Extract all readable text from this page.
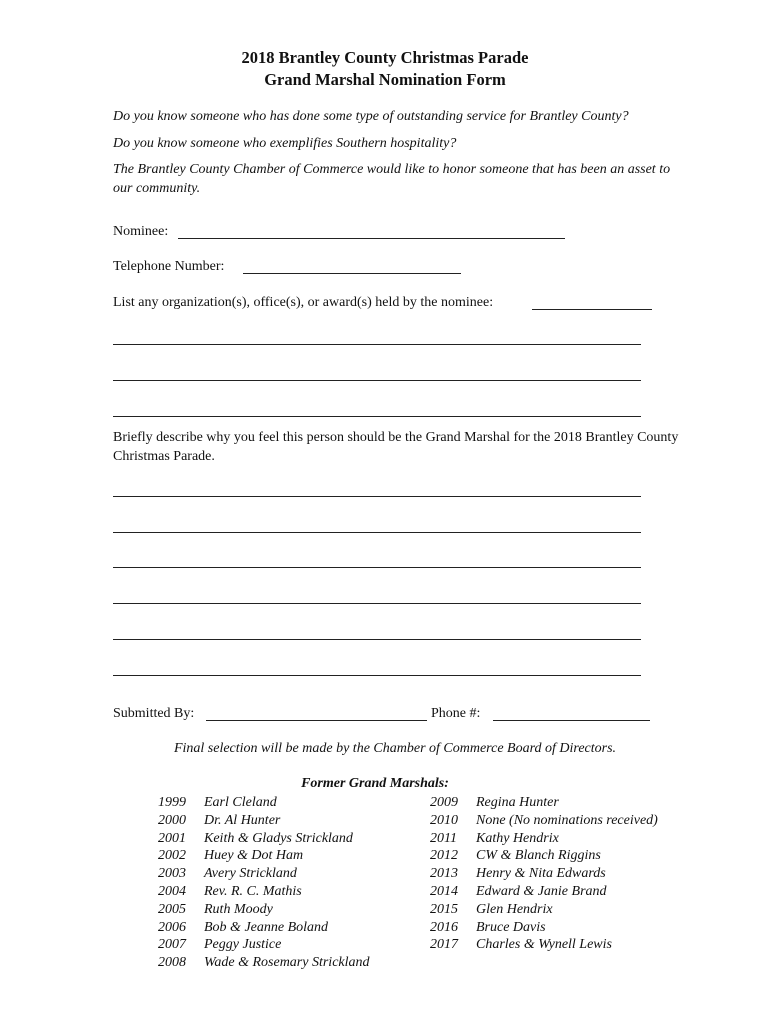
2018 Brantley County Christmas Parade
Grand Marshal Nomination Form
Do you know someone who has done some type of outstanding service for Brantley County?
Do you know someone who exemplifies Southern hospitality?
The Brantley County Chamber of Commerce would like to honor someone that has been an asset to our community.
Nominee:
Telephone Number:
List any organization(s), office(s), or award(s) held by the nominee:
Briefly describe why you feel this person should be the Grand Marshal for the 2018 Brantley County Christmas Parade.
Submitted By:	Phone #:
Final selection will be made by the Chamber of Commerce Board of Directors.
Former Grand Marshals:
1999 Earl Cleland
2000 Dr. Al Hunter
2001 Keith & Gladys Strickland
2002 Huey & Dot Ham
2003 Avery Strickland
2004 Rev. R. C. Mathis
2005 Ruth Moody
2006 Bob & Jeanne Boland
2007 Peggy Justice
2008 Wade & Rosemary Strickland
2009 Regina Hunter
2010 None (No nominations received)
2011 Kathy Hendrix
2012 CW & Blanch Riggins
2013 Henry & Nita Edwards
2014 Edward & Janie Brand
2015 Glen Hendrix
2016 Bruce Davis
2017 Charles & Wynell Lewis
